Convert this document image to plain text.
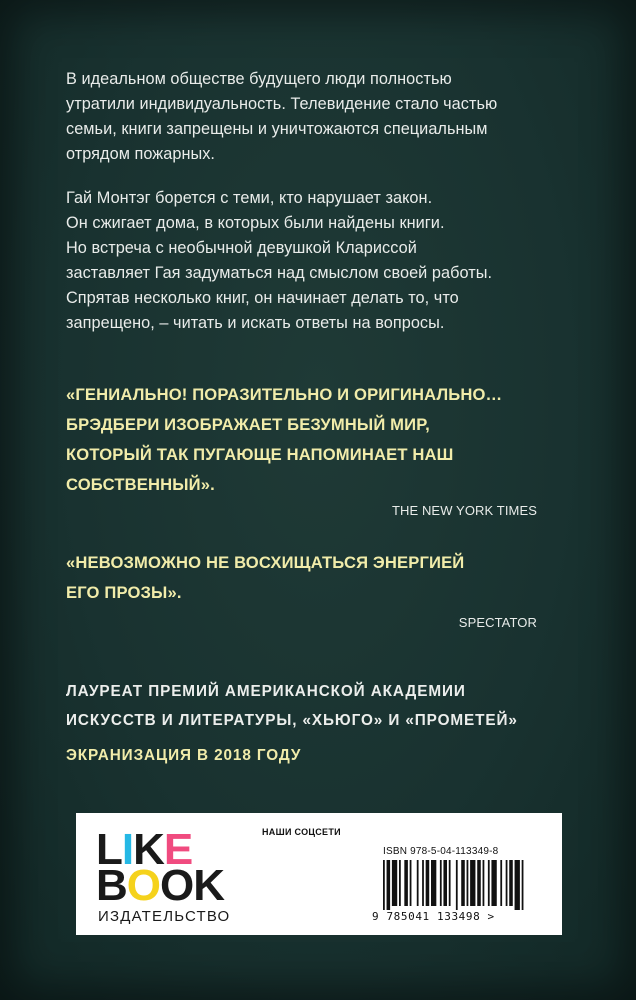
В идеальном обществе будущего люди полностью

утратили индивидуальность. Телевидение стало частью

семьи, книги запрещены и уничтожаются специальным

отрядом пожарных.

Гай Монтэг борется с теми, кто нарушает закон.

Он сжигает дома, в которых были найдены книги.

Но встреча с необычной девушкой Клариссой

заставляет Гая задуматься над смыслом своей работы.

Спрятав несколько книг, он начинает делать то, что

запрещено, – читать и искать ответы на вопросы.

«ГЕНИАЛЬНО! ПОРАЗИТЕЛЬНО И ОРИГИНАЛЬНО…
БРЭДБЕРИ ИЗОБРАЖАЕТ БЕЗУМНЫЙ МИР,
КОТОРЫЙ ТАК ПУГАЮЩЕ НАПОМИНАЕТ НАШ
СОБСТВЕННЫЙ».
THE NEW YORK TIMES
«НЕВОЗМОЖНО НЕ ВОСХИЩАТЬСЯ ЭНЕРГИЕЙ
ЕГО ПРОЗЫ».
SPECTATOR
ЛАУРЕАТ ПРЕМИЙ АМЕРИКАНСКОЙ АКАДЕМИИ
ИСКУССТВ И ЛИТЕРАТУРЫ, «ХЬЮГО» И «ПРОМЕТЕЙ»
ЭКРАНИЗАЦИЯ В 2018 ГОДУ
LIKE
BOOK
ИЗДАТЕЛЬСТВО
НАШИ СОЦСЕТИ
ISBN 978-5-04-113349-8
9 785041 133498 >
